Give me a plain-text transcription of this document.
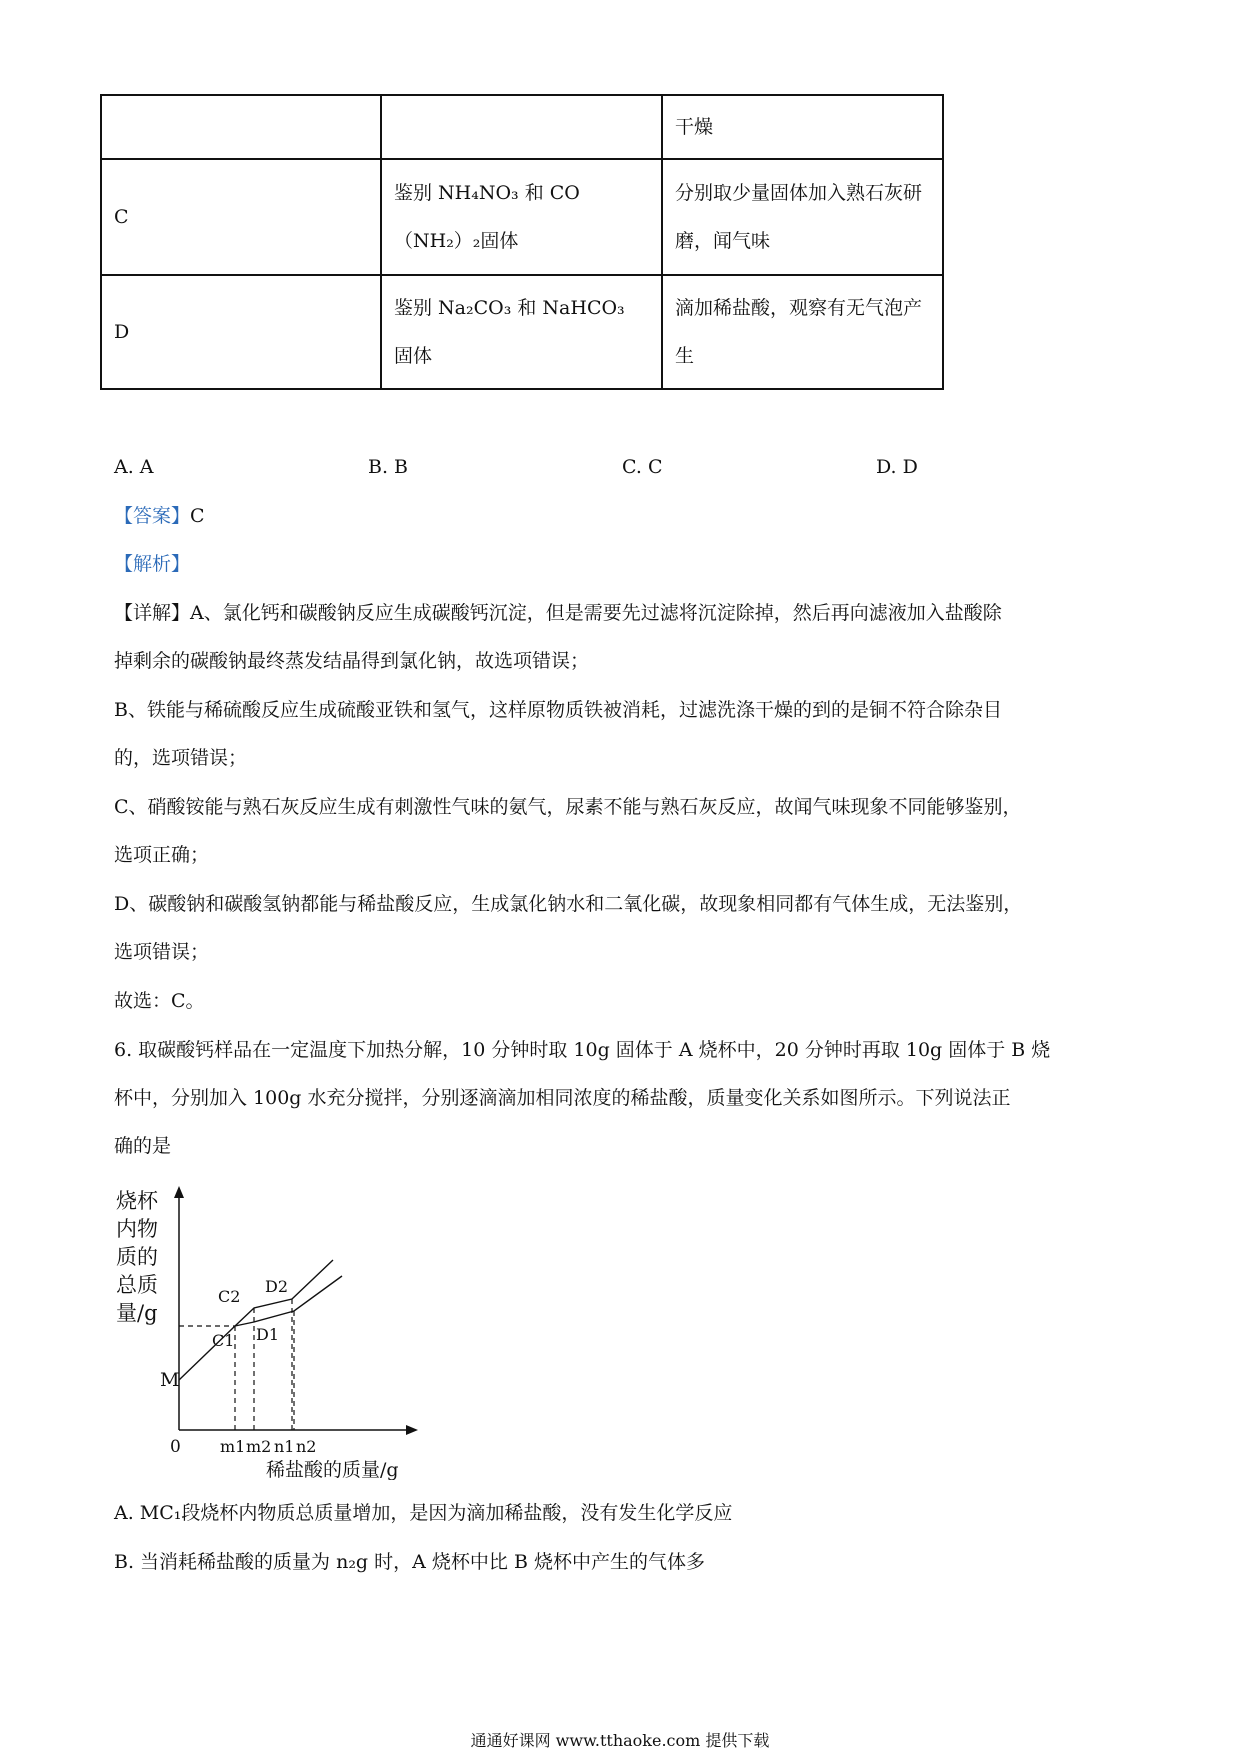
		干燥
C	鉴别 NH₄NO₃ 和 CO（NH₂）₂固体	分别取少量固体加入熟石灰研磨，闻气味
D	鉴别 Na₂CO₃ 和 NaHCO₃ 固体	滴加稀盐酸，观察有无气泡产生
A. A	B. B	C. C	D. D
【答案】C
【解析】
【详解】A、氯化钙和碳酸钠反应生成碳酸钙沉淀，但是需要先过滤将沉淀除掉，然后再向滤液加入盐酸除
掉剩余的碳酸钠最终蒸发结晶得到氯化钠，故选项错误；
B、铁能与稀硫酸反应生成硫酸亚铁和氢气，这样原物质铁被消耗，过滤洗涤干燥的到的是铜不符合除杂目
的，选项错误；
C、硝酸铵能与熟石灰反应生成有刺激性气味的氨气，尿素不能与熟石灰反应，故闻气味现象不同能够鉴别，
选项正确；
D、碳酸钠和碳酸氢钠都能与稀盐酸反应，生成氯化钠水和二氧化碳，故现象相同都有气体生成，无法鉴别，
选项错误；
故选：C。
6. 取碳酸钙样品在一定温度下加热分解，10 分钟时取 10g 固体于 A 烧杯中，20 分钟时再取 10g 固体于 B 烧
杯中，分别加入 100g 水充分搅拌，分别逐滴滴加相同浓度的稀盐酸，质量变化关系如图所示。下列说法正
确的是
烧杯
内物
质的
总质
量/g
M
0
C2
D2
C1 D1
m1 m2 n1 n2
稀盐酸的质量/g
A. MC₁段烧杯内物质总质量增加，是因为滴加稀盐酸，没有发生化学反应
B. 当消耗稀盐酸的质量为 n₂g 时，A 烧杯中比 B 烧杯中产生的气体多
通通好课网 www.tthaoke.com 提供下载
